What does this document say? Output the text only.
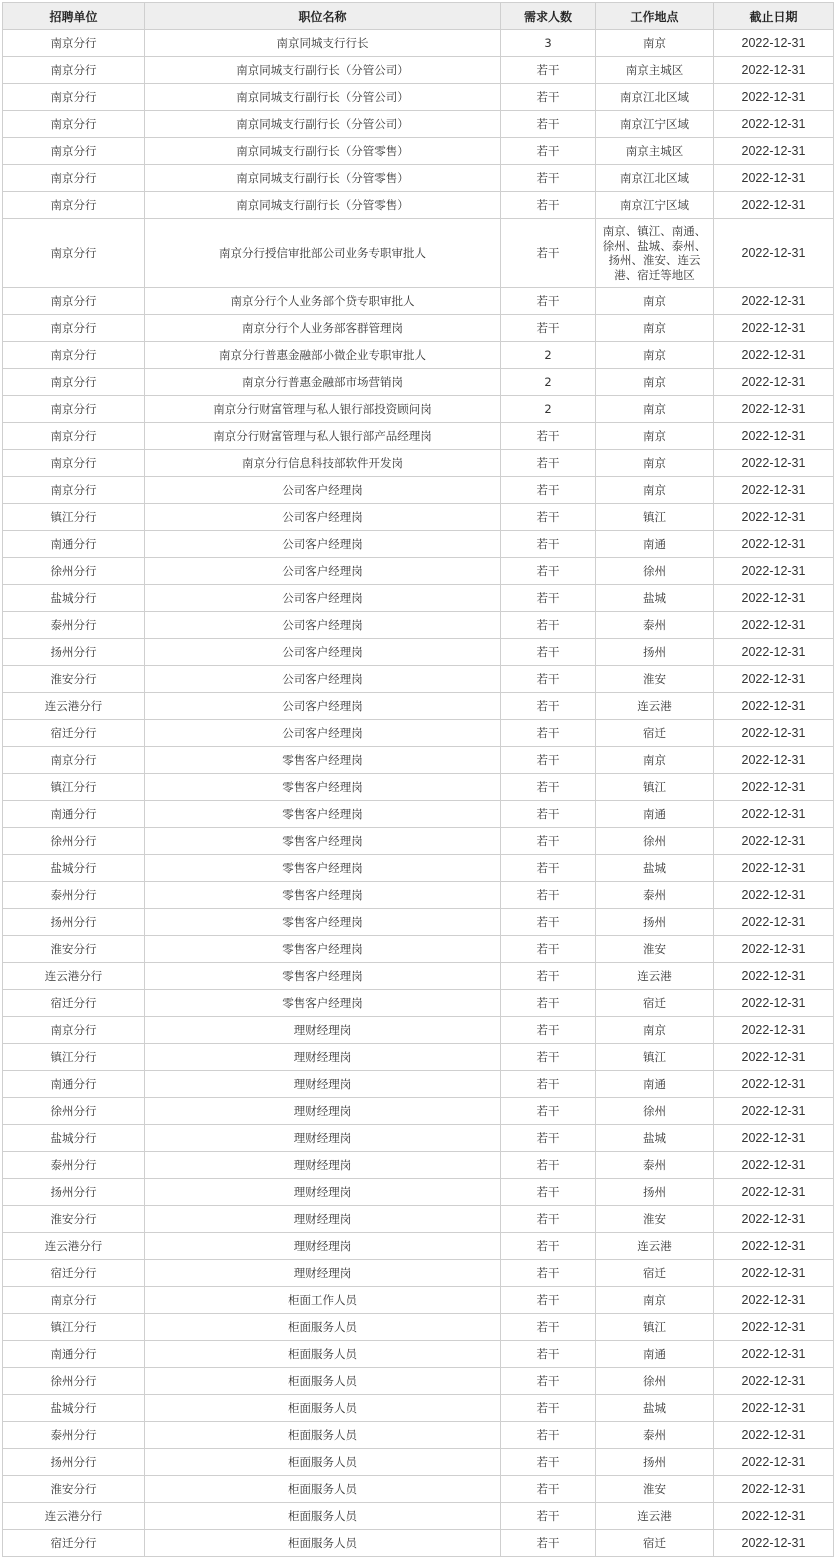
招聘单位	职位名称	需求人数	工作地点	截止日期
南京分行	南京同城支行行长	3	南京	2022-12-31
南京分行	南京同城支行副行长（分管公司）	若干	南京主城区	2022-12-31
南京分行	南京同城支行副行长（分管公司）	若干	南京江北区域	2022-12-31
南京分行	南京同城支行副行长（分管公司）	若干	南京江宁区域	2022-12-31
南京分行	南京同城支行副行长（分管零售）	若干	南京主城区	2022-12-31
南京分行	南京同城支行副行长（分管零售）	若干	南京江北区域	2022-12-31
南京分行	南京同城支行副行长（分管零售）	若干	南京江宁区域	2022-12-31
南京分行	南京分行授信审批部公司业务专职审批人	若干	南京、镇江、南通、徐州、盐城、泰州、扬州、淮安、连云港、宿迁等地区	2022-12-31
南京分行	南京分行个人业务部个贷专职审批人	若干	南京	2022-12-31
南京分行	南京分行个人业务部客群管理岗	若干	南京	2022-12-31
南京分行	南京分行普惠金融部小微企业专职审批人	2	南京	2022-12-31
南京分行	南京分行普惠金融部市场营销岗	2	南京	2022-12-31
南京分行	南京分行财富管理与私人银行部投资顾问岗	2	南京	2022-12-31
南京分行	南京分行财富管理与私人银行部产品经理岗	若干	南京	2022-12-31
南京分行	南京分行信息科技部软件开发岗	若干	南京	2022-12-31
南京分行	公司客户经理岗	若干	南京	2022-12-31
镇江分行	公司客户经理岗	若干	镇江	2022-12-31
南通分行	公司客户经理岗	若干	南通	2022-12-31
徐州分行	公司客户经理岗	若干	徐州	2022-12-31
盐城分行	公司客户经理岗	若干	盐城	2022-12-31
泰州分行	公司客户经理岗	若干	泰州	2022-12-31
扬州分行	公司客户经理岗	若干	扬州	2022-12-31
淮安分行	公司客户经理岗	若干	淮安	2022-12-31
连云港分行	公司客户经理岗	若干	连云港	2022-12-31
宿迁分行	公司客户经理岗	若干	宿迁	2022-12-31
南京分行	零售客户经理岗	若干	南京	2022-12-31
镇江分行	零售客户经理岗	若干	镇江	2022-12-31
南通分行	零售客户经理岗	若干	南通	2022-12-31
徐州分行	零售客户经理岗	若干	徐州	2022-12-31
盐城分行	零售客户经理岗	若干	盐城	2022-12-31
泰州分行	零售客户经理岗	若干	泰州	2022-12-31
扬州分行	零售客户经理岗	若干	扬州	2022-12-31
淮安分行	零售客户经理岗	若干	淮安	2022-12-31
连云港分行	零售客户经理岗	若干	连云港	2022-12-31
宿迁分行	零售客户经理岗	若干	宿迁	2022-12-31
南京分行	理财经理岗	若干	南京	2022-12-31
镇江分行	理财经理岗	若干	镇江	2022-12-31
南通分行	理财经理岗	若干	南通	2022-12-31
徐州分行	理财经理岗	若干	徐州	2022-12-31
盐城分行	理财经理岗	若干	盐城	2022-12-31
泰州分行	理财经理岗	若干	泰州	2022-12-31
扬州分行	理财经理岗	若干	扬州	2022-12-31
淮安分行	理财经理岗	若干	淮安	2022-12-31
连云港分行	理财经理岗	若干	连云港	2022-12-31
宿迁分行	理财经理岗	若干	宿迁	2022-12-31
南京分行	柜面工作人员	若干	南京	2022-12-31
镇江分行	柜面服务人员	若干	镇江	2022-12-31
南通分行	柜面服务人员	若干	南通	2022-12-31
徐州分行	柜面服务人员	若干	徐州	2022-12-31
盐城分行	柜面服务人员	若干	盐城	2022-12-31
泰州分行	柜面服务人员	若干	泰州	2022-12-31
扬州分行	柜面服务人员	若干	扬州	2022-12-31
淮安分行	柜面服务人员	若干	淮安	2022-12-31
连云港分行	柜面服务人员	若干	连云港	2022-12-31
宿迁分行	柜面服务人员	若干	宿迁	2022-12-31
